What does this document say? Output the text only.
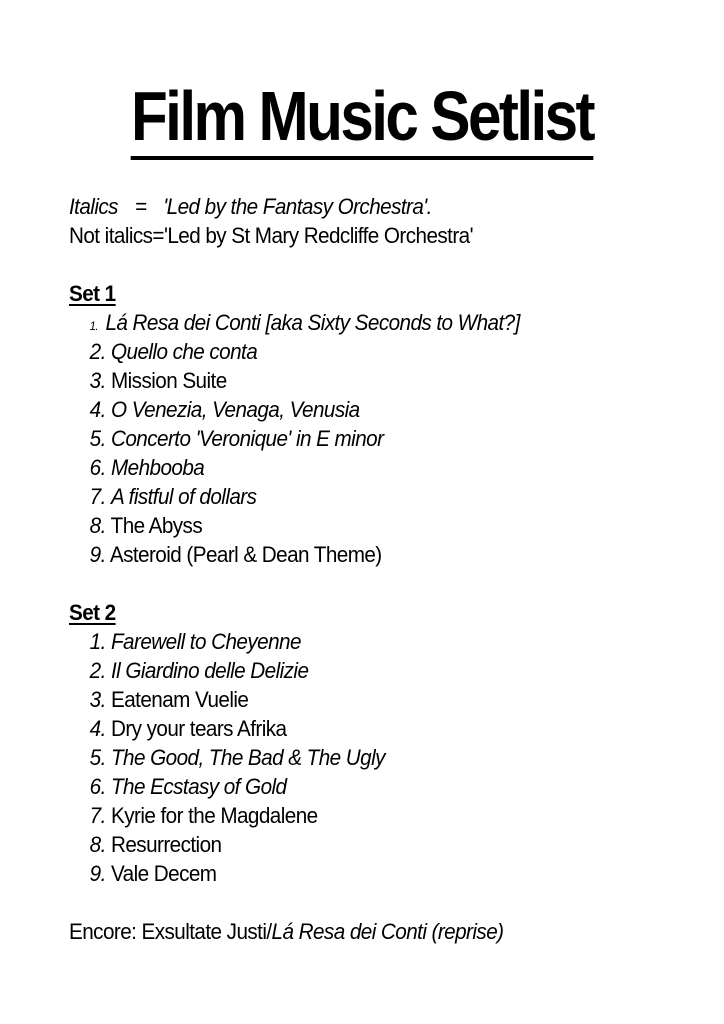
Film Music Setlist
Italics = 'Led by the Fantasy Orchestra'.
Not italics='Led by St Mary Redcliffe Orchestra'
Set 1
1. Lá Resa dei Conti [aka Sixty Seconds to What?]
2. Quello che conta
3. Mission Suite
4. O Venezia, Venaga, Venusia
5. Concerto 'Veronique' in E minor
6. Mehbooba
7. A fistful of dollars
8. The Abyss
9. Asteroid (Pearl & Dean Theme)
Set 2
1. Farewell to Cheyenne
2. Il Giardino delle Delizie
3. Eatenam Vuelie
4. Dry your tears Afrika
5. The Good, The Bad & The Ugly
6. The Ecstasy of Gold
7. Kyrie for the Magdalene
8. Resurrection
9. Vale Decem
Encore: Exsultate Justi/Lá Resa dei Conti (reprise)
